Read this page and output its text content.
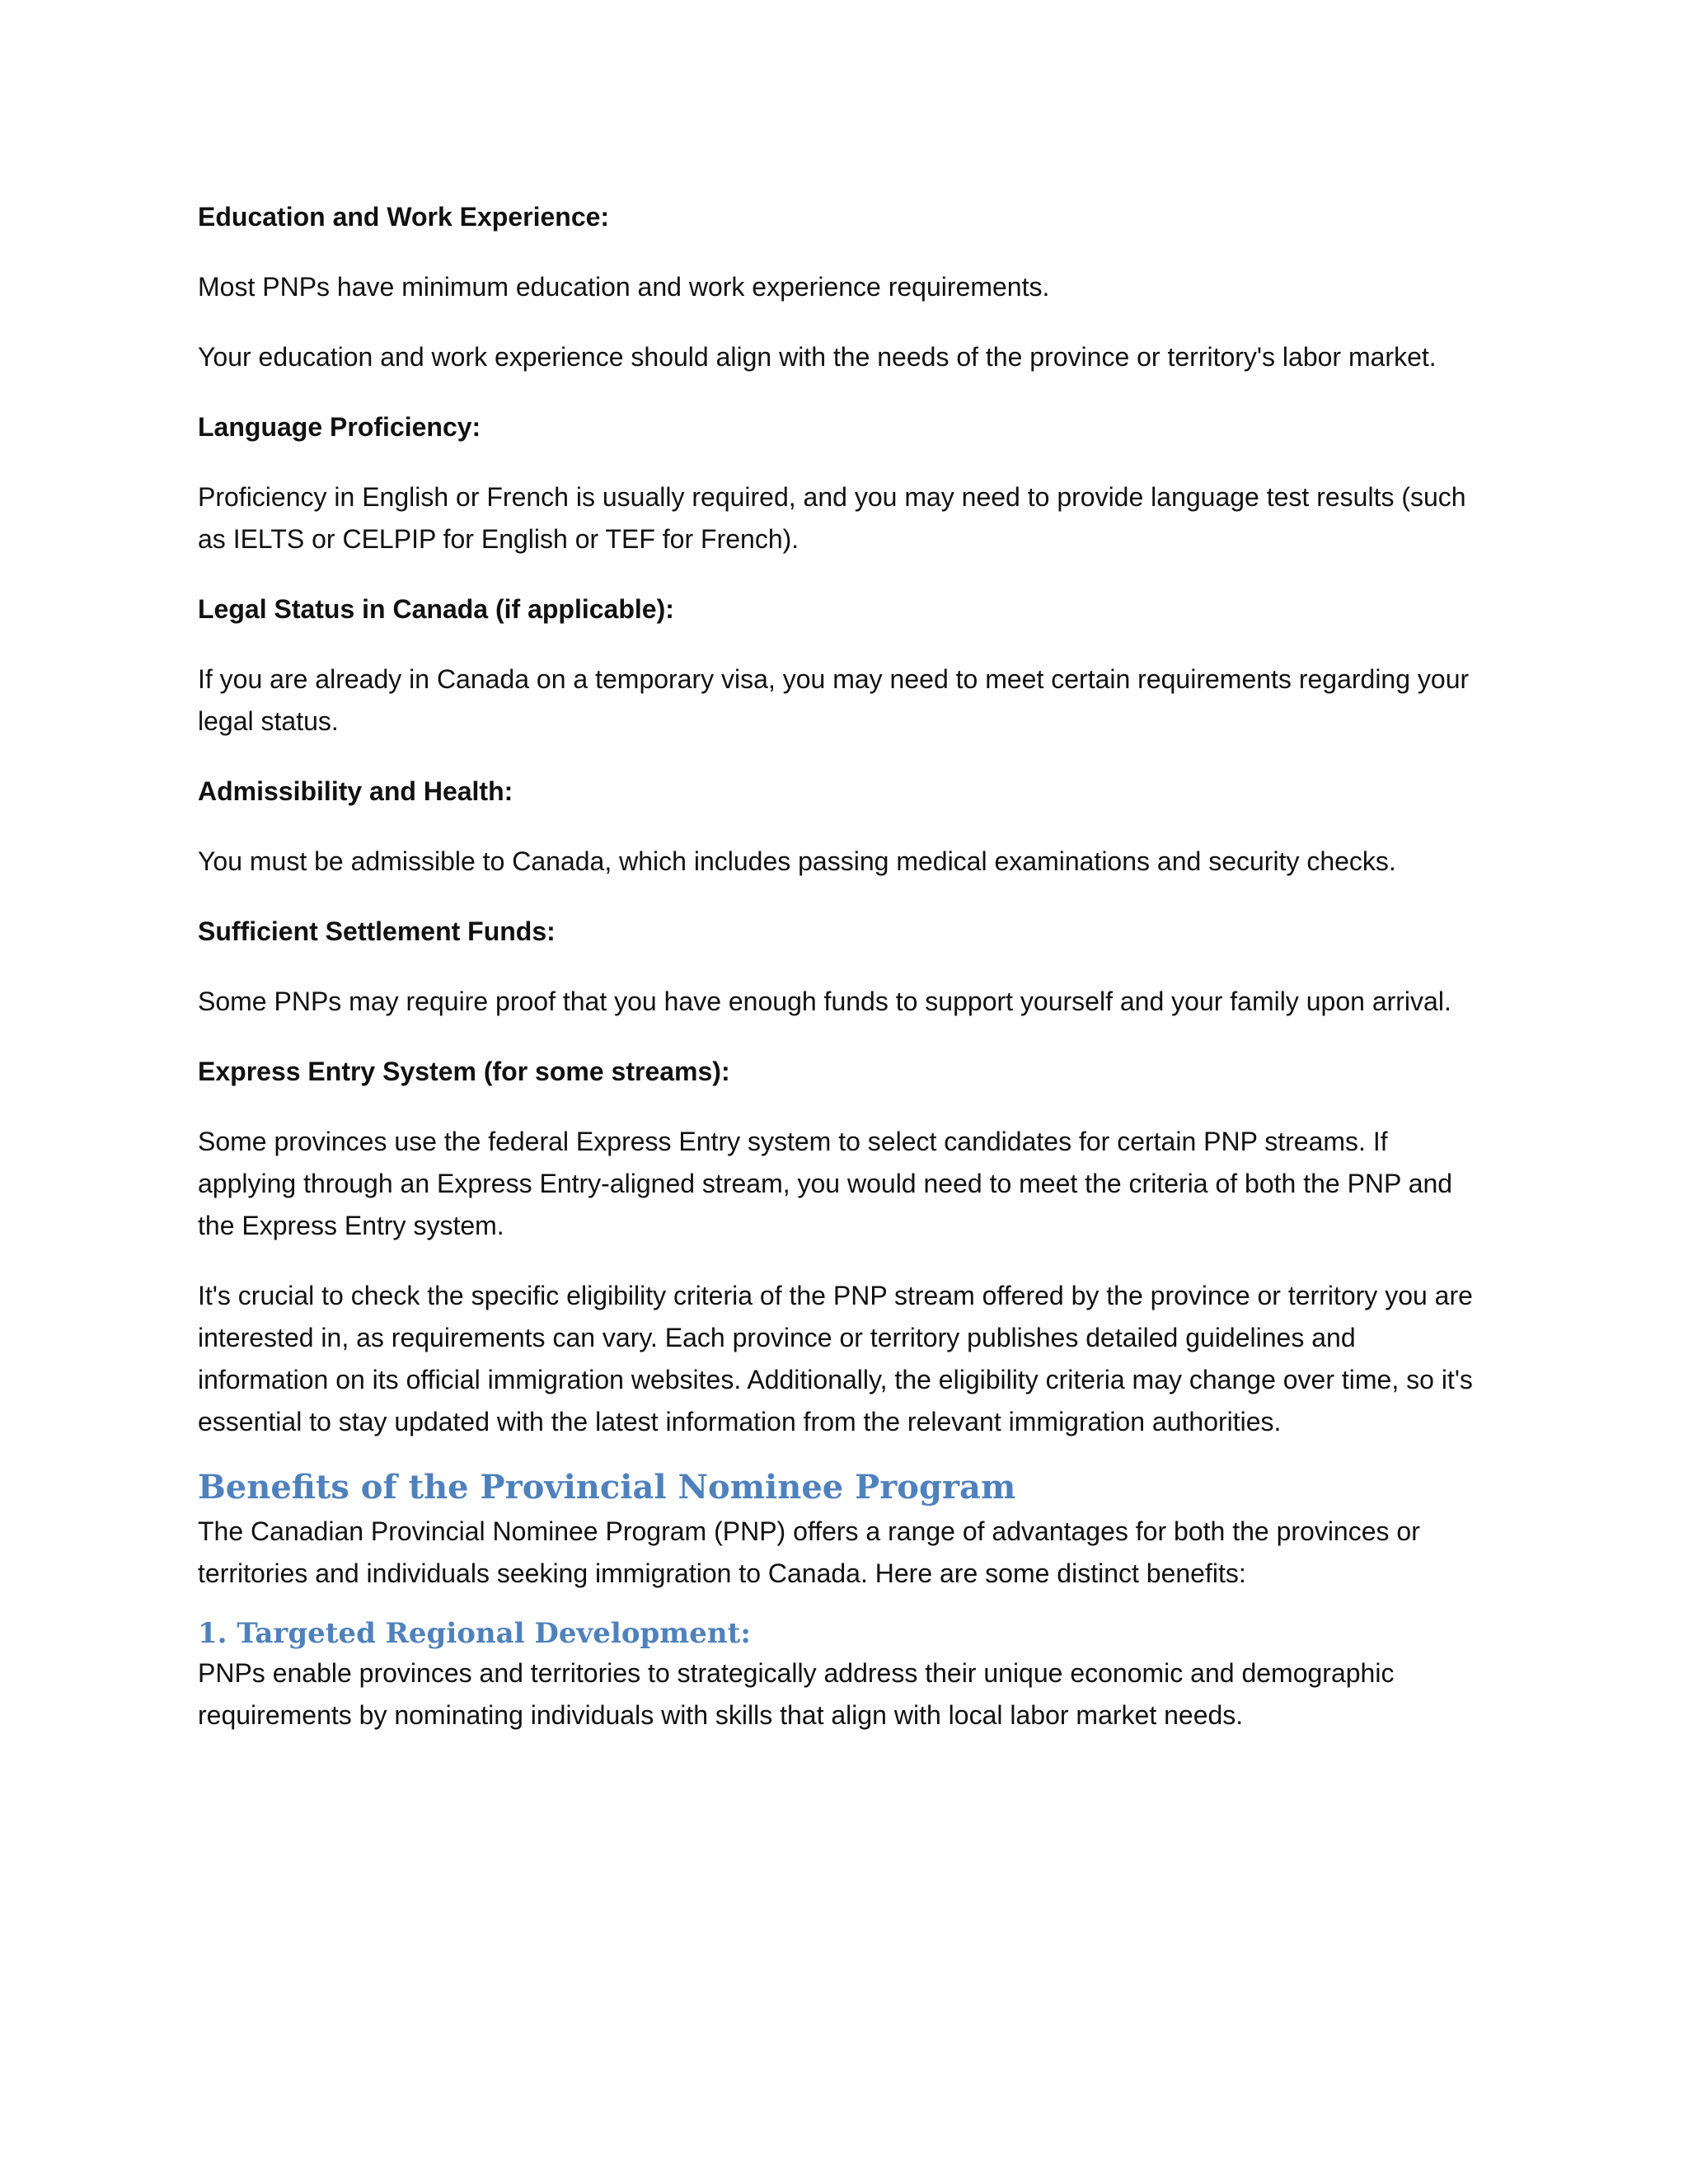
Education and Work Experience:

Most PNPs have minimum education and work experience requirements.

Your education and work experience should align with the needs of the province or territory's labor market.

Language Proficiency:

Proficiency in English or French is usually required, and you may need to provide language test results (such as IELTS or CELPIP for English or TEF for French).

Legal Status in Canada (if applicable):

If you are already in Canada on a temporary visa, you may need to meet certain requirements regarding your legal status.

Admissibility and Health:

You must be admissible to Canada, which includes passing medical examinations and security checks.

Sufficient Settlement Funds:

Some PNPs may require proof that you have enough funds to support yourself and your family upon arrival.

Express Entry System (for some streams):

Some provinces use the federal Express Entry system to select candidates for certain PNP streams. If applying through an Express Entry-aligned stream, you would need to meet the criteria of both the PNP and the Express Entry system.

It's crucial to check the specific eligibility criteria of the PNP stream offered by the province or territory you are interested in, as requirements can vary. Each province or territory publishes detailed guidelines and information on its official immigration websites. Additionally, the eligibility criteria may change over time, so it's essential to stay updated with the latest information from the relevant immigration authorities.

Benefits of the Provincial Nominee Program

The Canadian Provincial Nominee Program (PNP) offers a range of advantages for both the provinces or territories and individuals seeking immigration to Canada. Here are some distinct benefits:

1. Targeted Regional Development:

PNPs enable provinces and territories to strategically address their unique economic and demographic requirements by nominating individuals with skills that align with local labor market needs.
